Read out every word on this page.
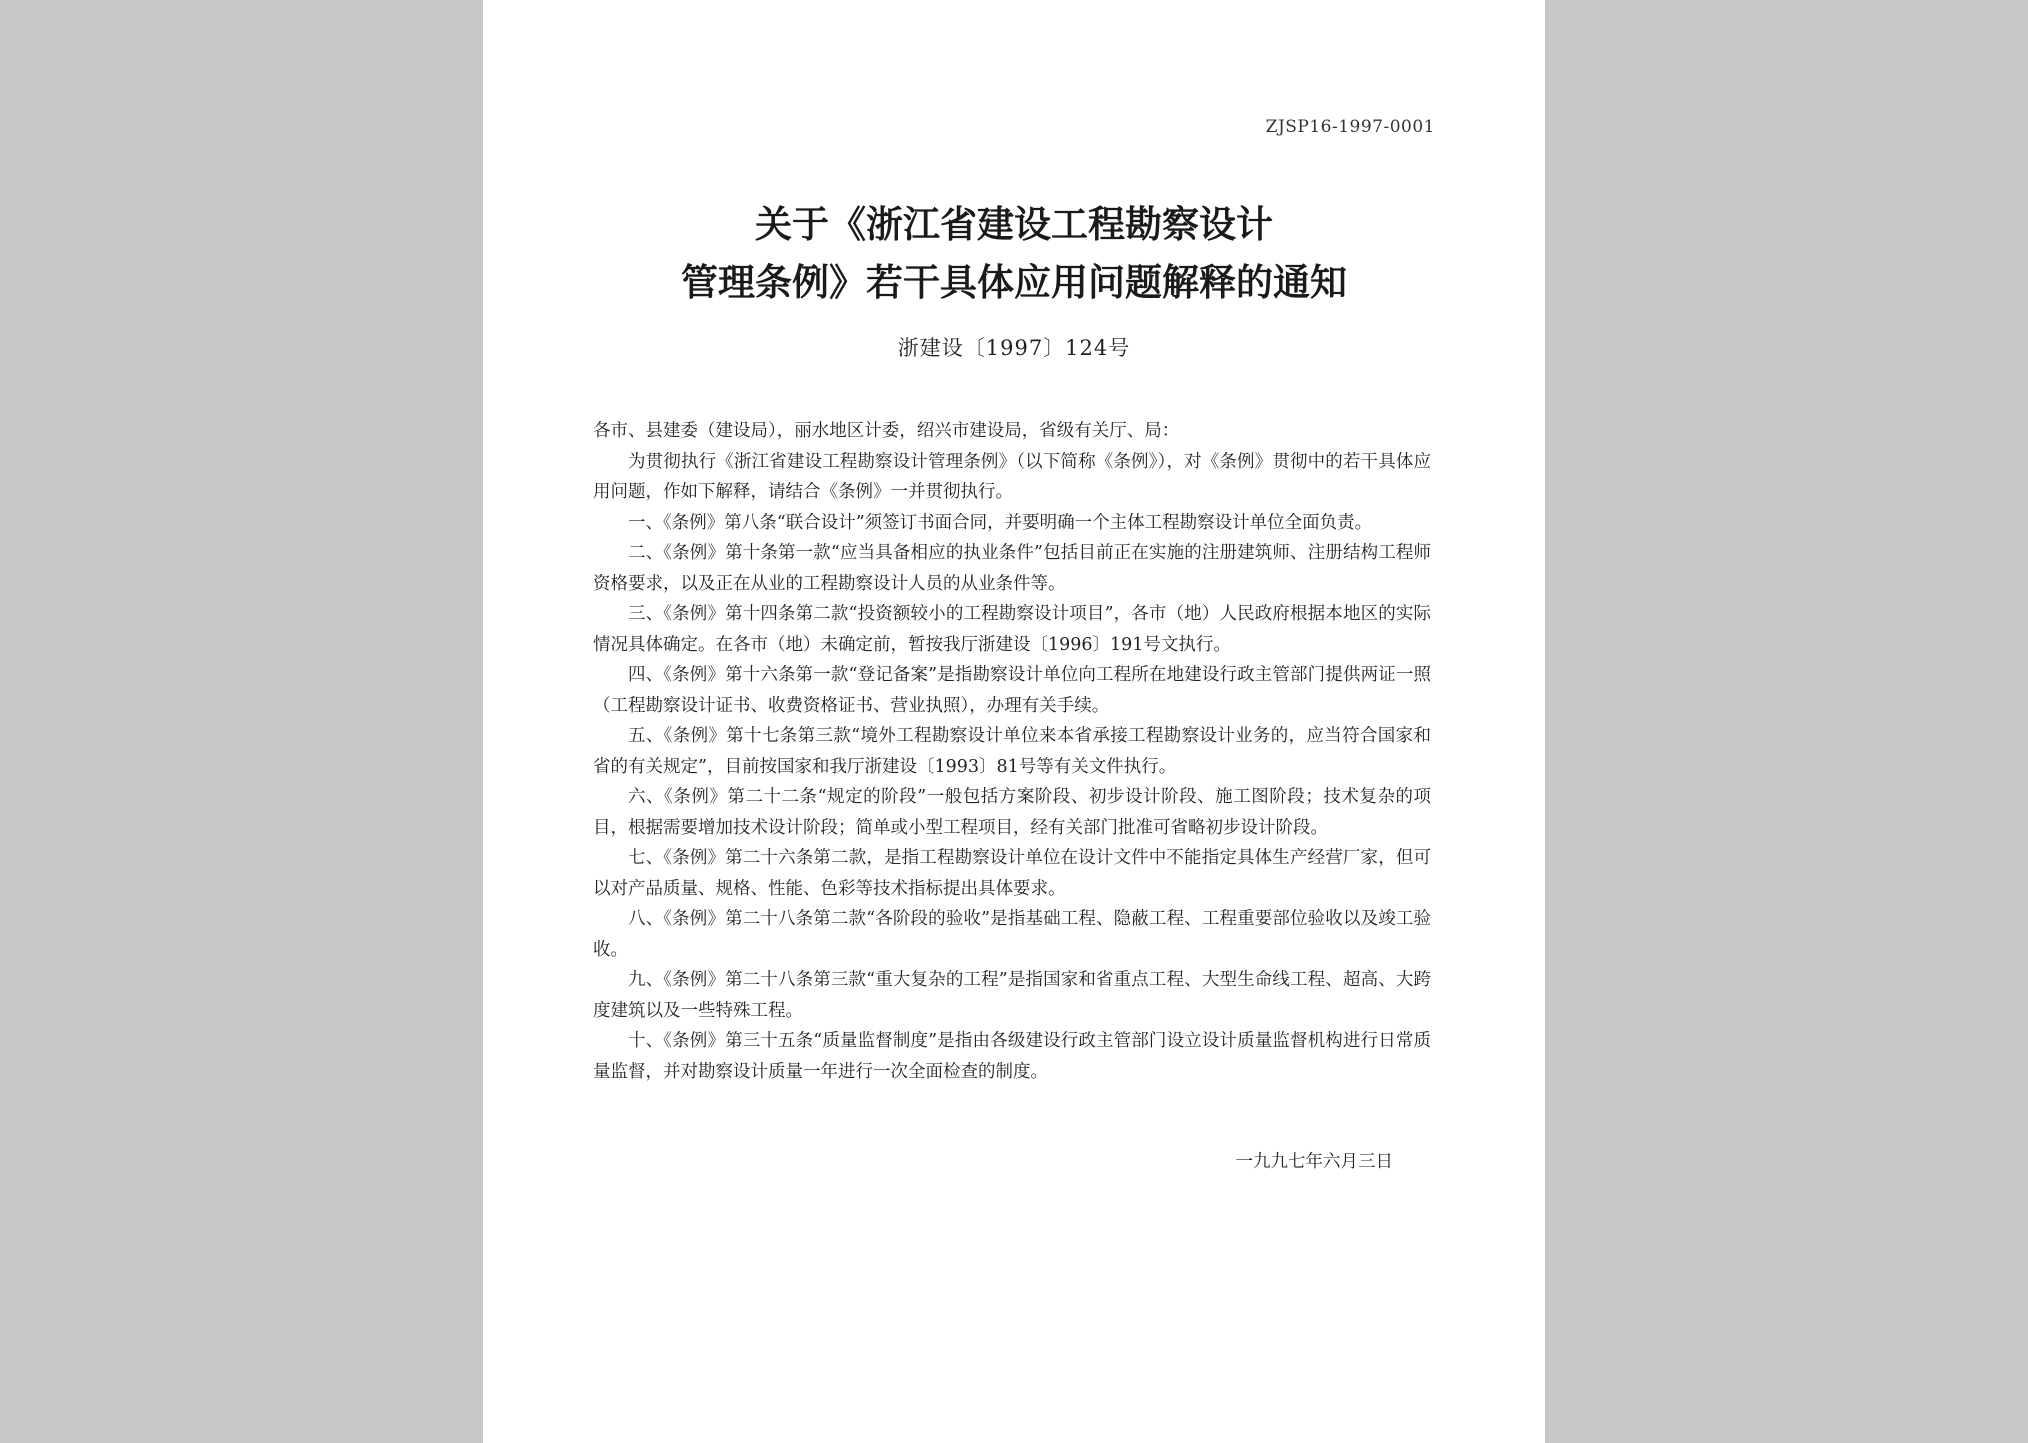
ZJSP16-1997-0001
关于《浙江省建设工程勘察设计
管理条例》若干具体应用问题解释的通知
浙建设〔1997〕124号

各市、县建委（建设局），丽水地区计委，绍兴市建设局，省级有关厅、局：

为贯彻执行《浙江省建设工程勘察设计管理条例》（以下简称《条例》），对《条例》贯彻中的若干具体应用问题，作如下解释，请结合《条例》一并贯彻执行。

一、《条例》第八条“联合设计”须签订书面合同，并要明确一个主体工程勘察设计单位全面负责。

二、《条例》第十条第一款“应当具备相应的执业条件”包括目前正在实施的注册建筑师、注册结构工程师资格要求，以及正在从业的工程勘察设计人员的从业条件等。

三、《条例》第十四条第二款“投资额较小的工程勘察设计项目”，各市（地）人民政府根据本地区的实际情况具体确定。在各市（地）未确定前，暂按我厅浙建设〔1996〕191号文执行。

四、《条例》第十六条第一款“登记备案”是指勘察设计单位向工程所在地建设行政主管部门提供两证一照（工程勘察设计证书、收费资格证书、营业执照），办理有关手续。

五、《条例》第十七条第三款“境外工程勘察设计单位来本省承接工程勘察设计业务的，应当符合国家和省的有关规定”，目前按国家和我厅浙建设〔1993〕81号等有关文件执行。

六、《条例》第二十二条“规定的阶段”一般包括方案阶段、初步设计阶段、施工图阶段；技术复杂的项目，根据需要增加技术设计阶段；简单或小型工程项目，经有关部门批准可省略初步设计阶段。

七、《条例》第二十六条第二款，是指工程勘察设计单位在设计文件中不能指定具体生产经营厂家，但可以对产品质量、规格、性能、色彩等技术指标提出具体要求。

八、《条例》第二十八条第二款“各阶段的验收”是指基础工程、隐蔽工程、工程重要部位验收以及竣工验收。

九、《条例》第二十八条第三款“重大复杂的工程”是指国家和省重点工程、大型生命线工程、超高、大跨度建筑以及一些特殊工程。

十、《条例》第三十五条“质量监督制度”是指由各级建设行政主管部门设立设计质量监督机构进行日常质量监督，并对勘察设计质量一年进行一次全面检查的制度。

一九九七年六月三日
